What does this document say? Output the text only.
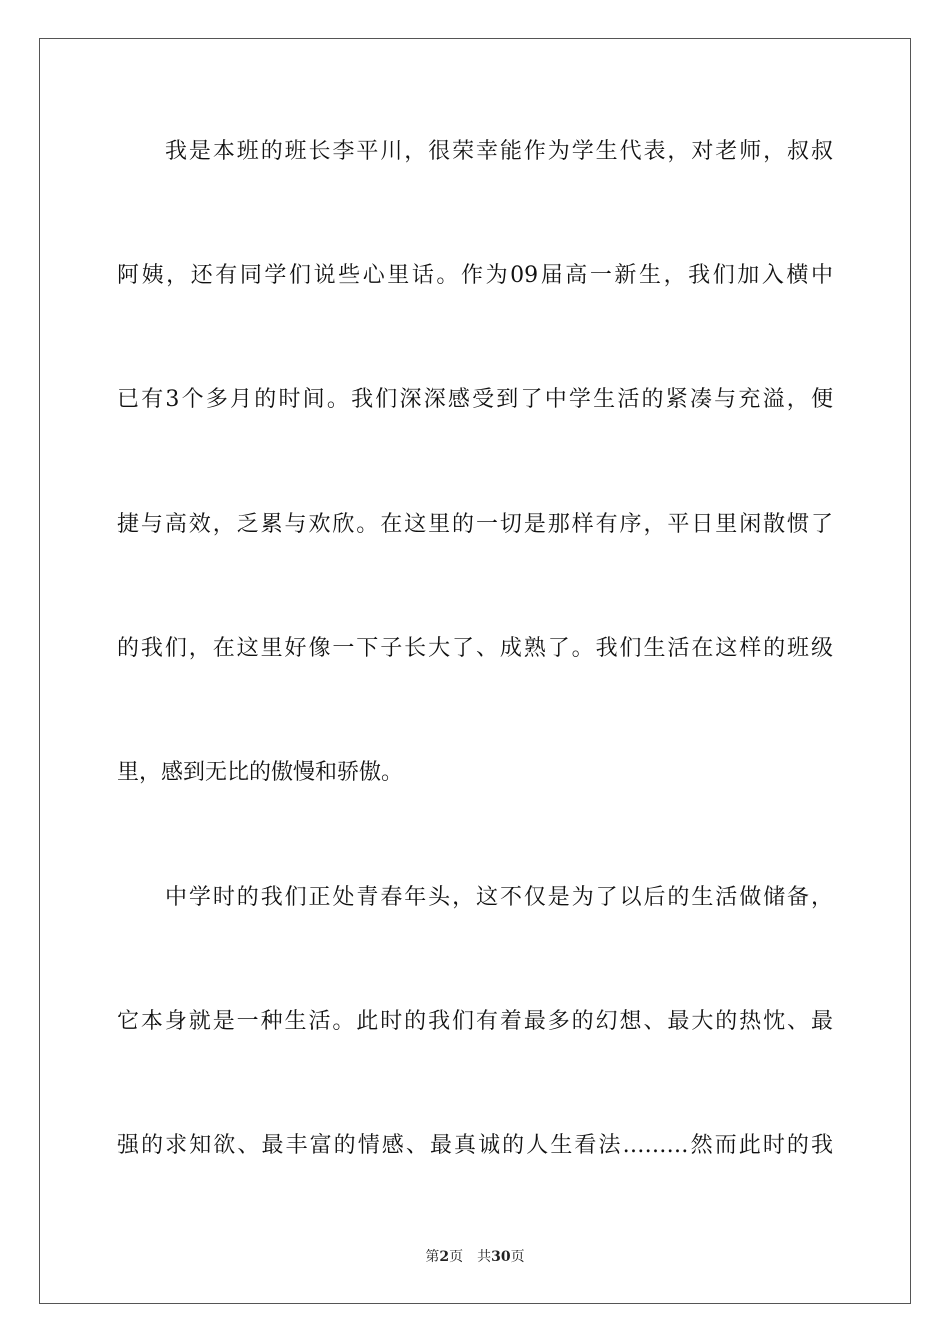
我是本班的班长李平川，很荣幸能作为学生代表，对老师，叔叔
阿姨，还有同学们说些心里话。作为09届高一新生，我们加入横中
已有3个多月的时间。我们深深感受到了中学生活的紧凑与充溢，便
捷与高效，乏累与欢欣。在这里的一切是那样有序，平日里闲散惯了
的我们，在这里好像一下子长大了、成熟了。我们生活在这样的班级
里，感到无比的傲慢和骄傲。
中学时的我们正处青春年头，这不仅是为了以后的生活做储备，
它本身就是一种生活。此时的我们有着最多的幻想、最大的热忱、最
强的求知欲、最丰富的情感、最真诚的人生看法………然而此时的我
第2页 共30页
